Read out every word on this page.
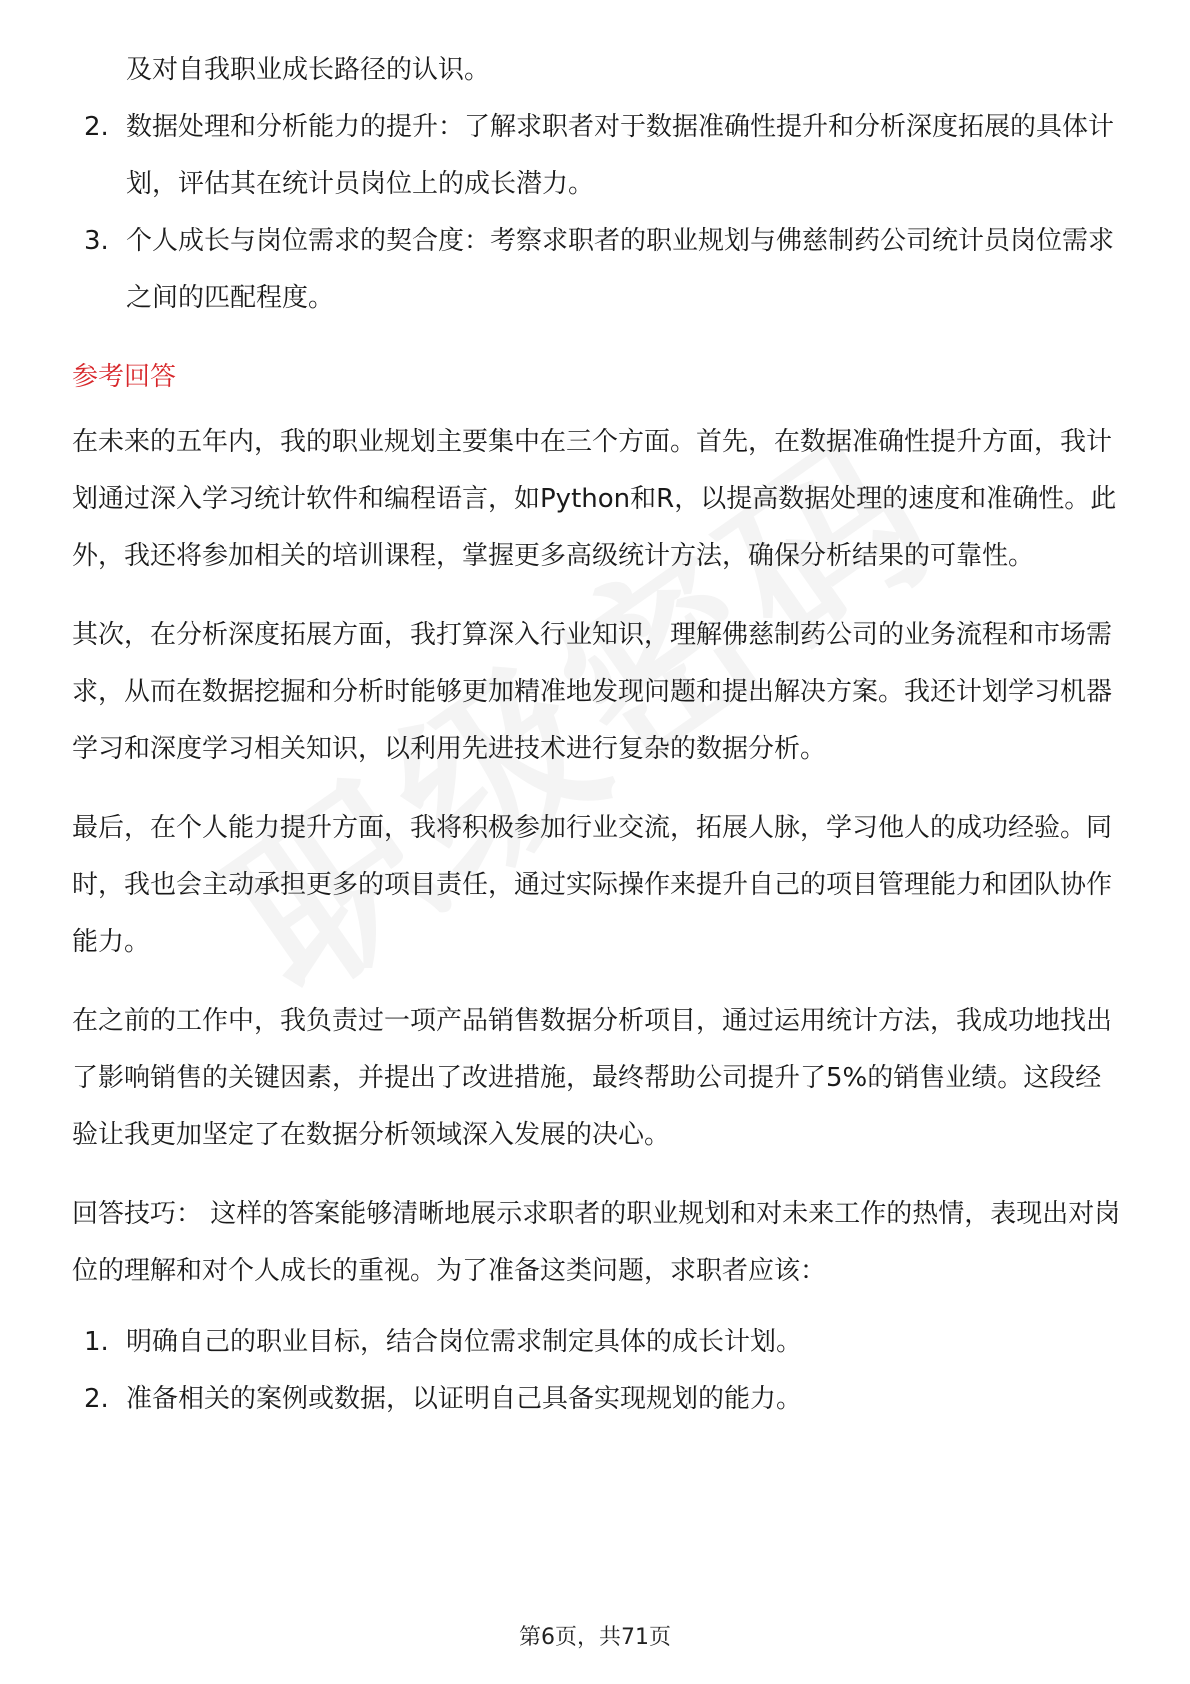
及对自我职业成长路径的认识。
2. 数据处理和分析能力的提升：了解求职者对于数据准确性提升和分析深度拓展的具体计划，评估其在统计员岗位上的成长潜力。
3. 个人成长与岗位需求的契合度：考察求职者的职业规划与佛慈制药公司统计员岗位需求之间的匹配程度。
参考回答

在未来的五年内，我的职业规划主要集中在三个方面。首先，在数据准确性提升方面，我计划通过深入学习统计软件和编程语言，如Python和R，以提高数据处理的速度和准确性。此外，我还将参加相关的培训课程，掌握更多高级统计方法，确保分析结果的可靠性。

其次，在分析深度拓展方面，我打算深入行业知识，理解佛慈制药公司的业务流程和市场需求，从而在数据挖掘和分析时能够更加精准地发现问题和提出解决方案。我还计划学习机器学习和深度学习相关知识，以利用先进技术进行复杂的数据分析。

最后，在个人能力提升方面，我将积极参加行业交流，拓展人脉，学习他人的成功经验。同时，我也会主动承担更多的项目责任，通过实际操作来提升自己的项目管理能力和团队协作能力。

在之前的工作中，我负责过一项产品销售数据分析项目，通过运用统计方法，我成功地找出了影响销售的关键因素，并提出了改进措施，最终帮助公司提升了5%的销售业绩。这段经验让我更加坚定了在数据分析领域深入发展的决心。

回答技巧： 这样的答案能够清晰地展示求职者的职业规划和对未来工作的热情，表现出对岗位的理解和对个人成长的重视。为了准备这类问题，求职者应该：

1. 明确自己的职业目标，结合岗位需求制定具体的成长计划。
2. 准备相关的案例或数据，以证明自己具备实现规划的能力。
第6页，共71页
